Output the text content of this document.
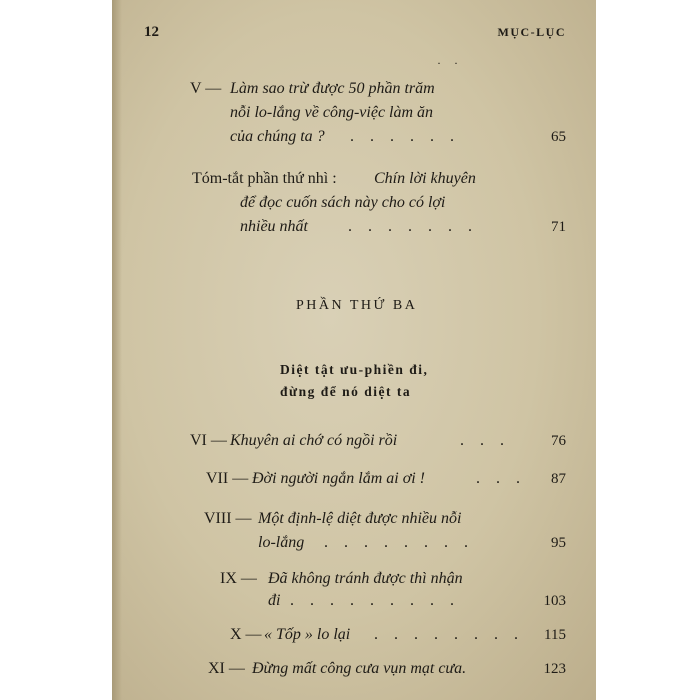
12	MỤC-LỤC
· ·
V — Làm sao trừ được 50 phần trăm
nỗi lo-lắng về công-việc làm ăn
của chúng ta ? . . . . . .	65
Tóm-tắt phần thứ nhì : Chín lời khuyên
để đọc cuốn sách này cho có lợi
nhiều nhất	. . . . . . .	71
PHẦN THỨ BA
Diệt tật ưu-phiền đi,
đừng để nó diệt ta
VI — Khuyên ai chớ có ngồi rồi	. . .	76
VII — Đời người ngắn lắm ai ơi !	. . . 87
VIII — Một định-lệ diệt được nhiều nỗi
lo-lắng . . . . . . . .	95
IX — Đã không tránh được thì nhận
đi . . . . . . . . .	103
X — « Tốp » lo lại . . . . . . . . 115
XI — Đừng mất công cưa vụn mạt cưa.	123
